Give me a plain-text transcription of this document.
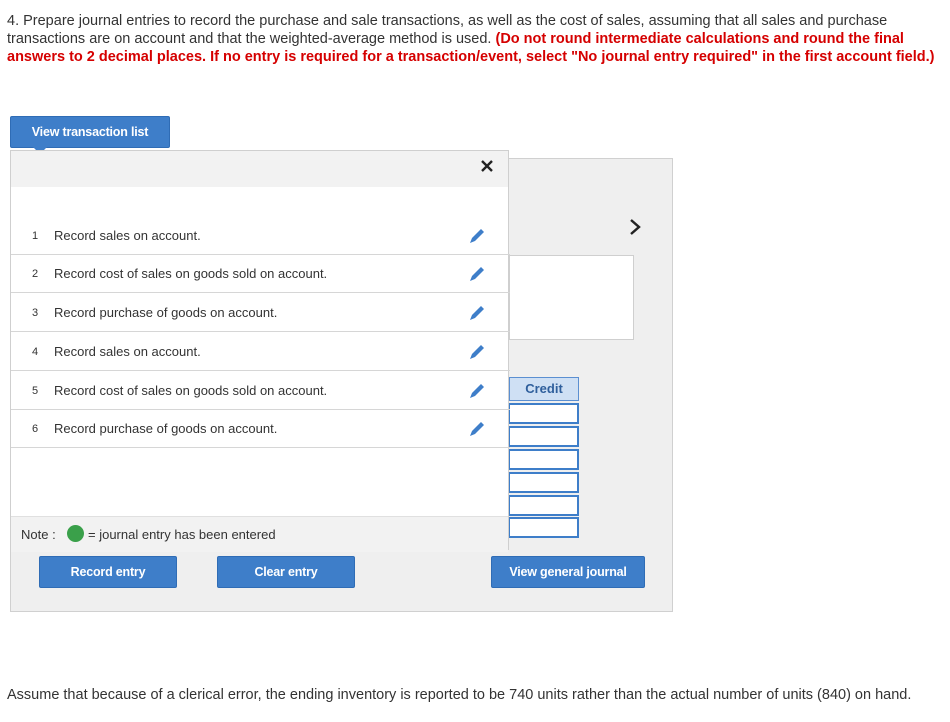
4. Prepare journal entries to record the purchase and sale transactions, as well as the cost of sales, assuming that all sales and purchase transactions are on account and that the weighted-average method is used. (Do not round intermediate calculations and round the final answers to 2 decimal places. If no entry is required for a transaction/event, select "No journal entry required" in the first account field.)
View transaction list
Credit
Record entry	Clear entry	View general journal
1 Record sales on account.
2 Record cost of sales on goods sold on account.
3 Record purchase of goods on account.
4 Record sales on account.
5 Record cost of sales on goods sold on account.
6 Record purchase of goods on account.
Note : = journal entry has been entered
Assume that because of a clerical error, the ending inventory is reported to be 740 units rather than the actual number of units (840) on hand.
